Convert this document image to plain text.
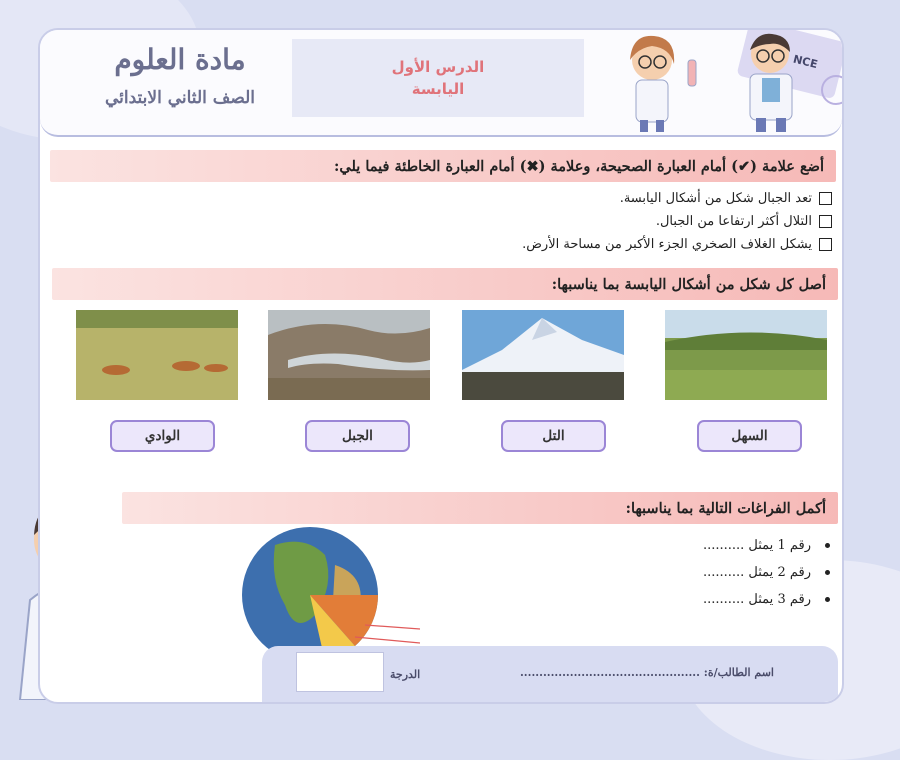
مادة العلوم
الصف الثاني الابتدائي
الدرس الأول
اليابسة
NCE
أضع علامة (✔) أمام العبارة الصحيحة، وعلامة (✖) أمام العبارة الخاطئة فيما يلي:
تعد الجبال شكل من أشكال اليابسة.
التلال أكثر ارتفاعا من الجبال.
يشكل الغلاف الصخري الجزء الأكبر من مساحة الأرض.
أصل كل شكل من أشكال اليابسة بما يناسبها:
السهل
التل
الجبل
الوادي
أكمل الفراغات التالية بما يناسبها:
رقم 1 يمثل ..........
رقم 2 يمثل ..........
رقم 3 يمثل ..........
اسم الطالب/ة: ...............................................
الدرجة
